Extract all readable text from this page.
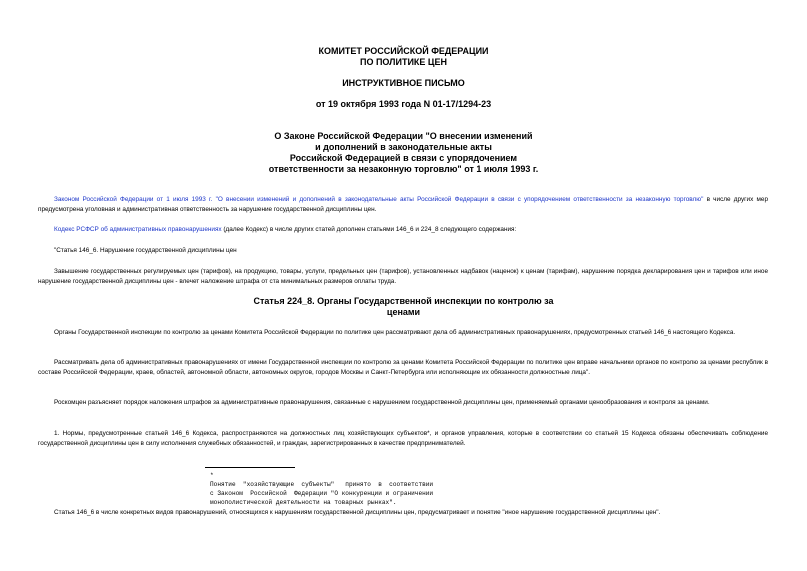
КОМИТЕТ РОССИЙСКОЙ ФЕДЕРАЦИИ
ПО ПОЛИТИКЕ ЦЕН
ИНСТРУКТИВНОЕ ПИСЬМО
от 19 октября 1993 года N 01-17/1294-23
О Законе Российской Федерации "О внесении изменений
и дополнений в законодательные акты
Российской Федерацией в связи с упорядочением
ответственности за незаконную торговлю" от 1 июля 1993 г.
Законом Российской Федерации от 1 июля 1993 г. "О внесении изменений и дополнений в законодательные акты Российской Федерации в связи с упорядочением ответственности за незаконную торговлю" в числе других мер предусмотрена уголовная и административная ответственность за нарушение государственной дисциплины цен.
Кодекс РСФСР об административных правонарушениях (далее Кодекс) в числе других статей дополнен статьями 146_6 и 224_8 следующего содержания:
"Статья 146_6. Нарушение государственной дисциплины цен
Завышение государственных регулируемых цен (тарифов), на продукцию, товары, услуги, предельных цен (тарифов), установленных надбавок (наценок) к ценам (тарифам), нарушение порядка декларирования цен и тарифов или иное нарушение государственной дисциплины цен - влечет наложение штрафа от ста минимальных размеров оплаты труда.
Статья 224_8. Органы Государственной инспекции по контролю за
ценами
Органы Государственной инспекции по контролю за ценами Комитета Российской Федерации по политике цен рассматривают дела об административных правонарушениях, предусмотренных статьей 146_6 настоящего Кодекса.
Рассматривать дела об административных правонарушениях от имени Государственной инспекции по контролю за ценами Комитета Российской Федерации по политике цен вправе начальники органов по контролю за ценами республик в составе Российской Федерации, краев, областей, автономной области, автономных округов, городов Москвы и Санкт-Петербурга или исполняющие их обязанности должностные лица".
Роскомцен разъясняет порядок наложения штрафов за административные правонарушения, связанные с нарушением государственной дисциплины цен, применяемый органами ценообразования и контроля за ценами.
1. Нормы, предусмотренные статьей 146_6 Кодекса, распространяются на должностных лиц хозяйствующих субъектов*, и органов управления, которые в соответствии со статьей 15 Кодекса обязаны обеспечивать соблюдение государственной дисциплины цен в силу исполнения служебных обязанностей, и граждан, зарегистрированных в качестве предпринимателей.
*
Понятие  "хозяйствующие  субъекты"   принято  в  соответствии
с Законом  Российской  Федерации "О конкуренции и ограничении
монополистической деятельности на товарных рынках".
Статья 146_6 в числе конкретных видов правонарушений, относящихся к нарушениям государственной дисциплины цен, предусматривает и понятие "иное нарушение государственной дисциплины цен".
